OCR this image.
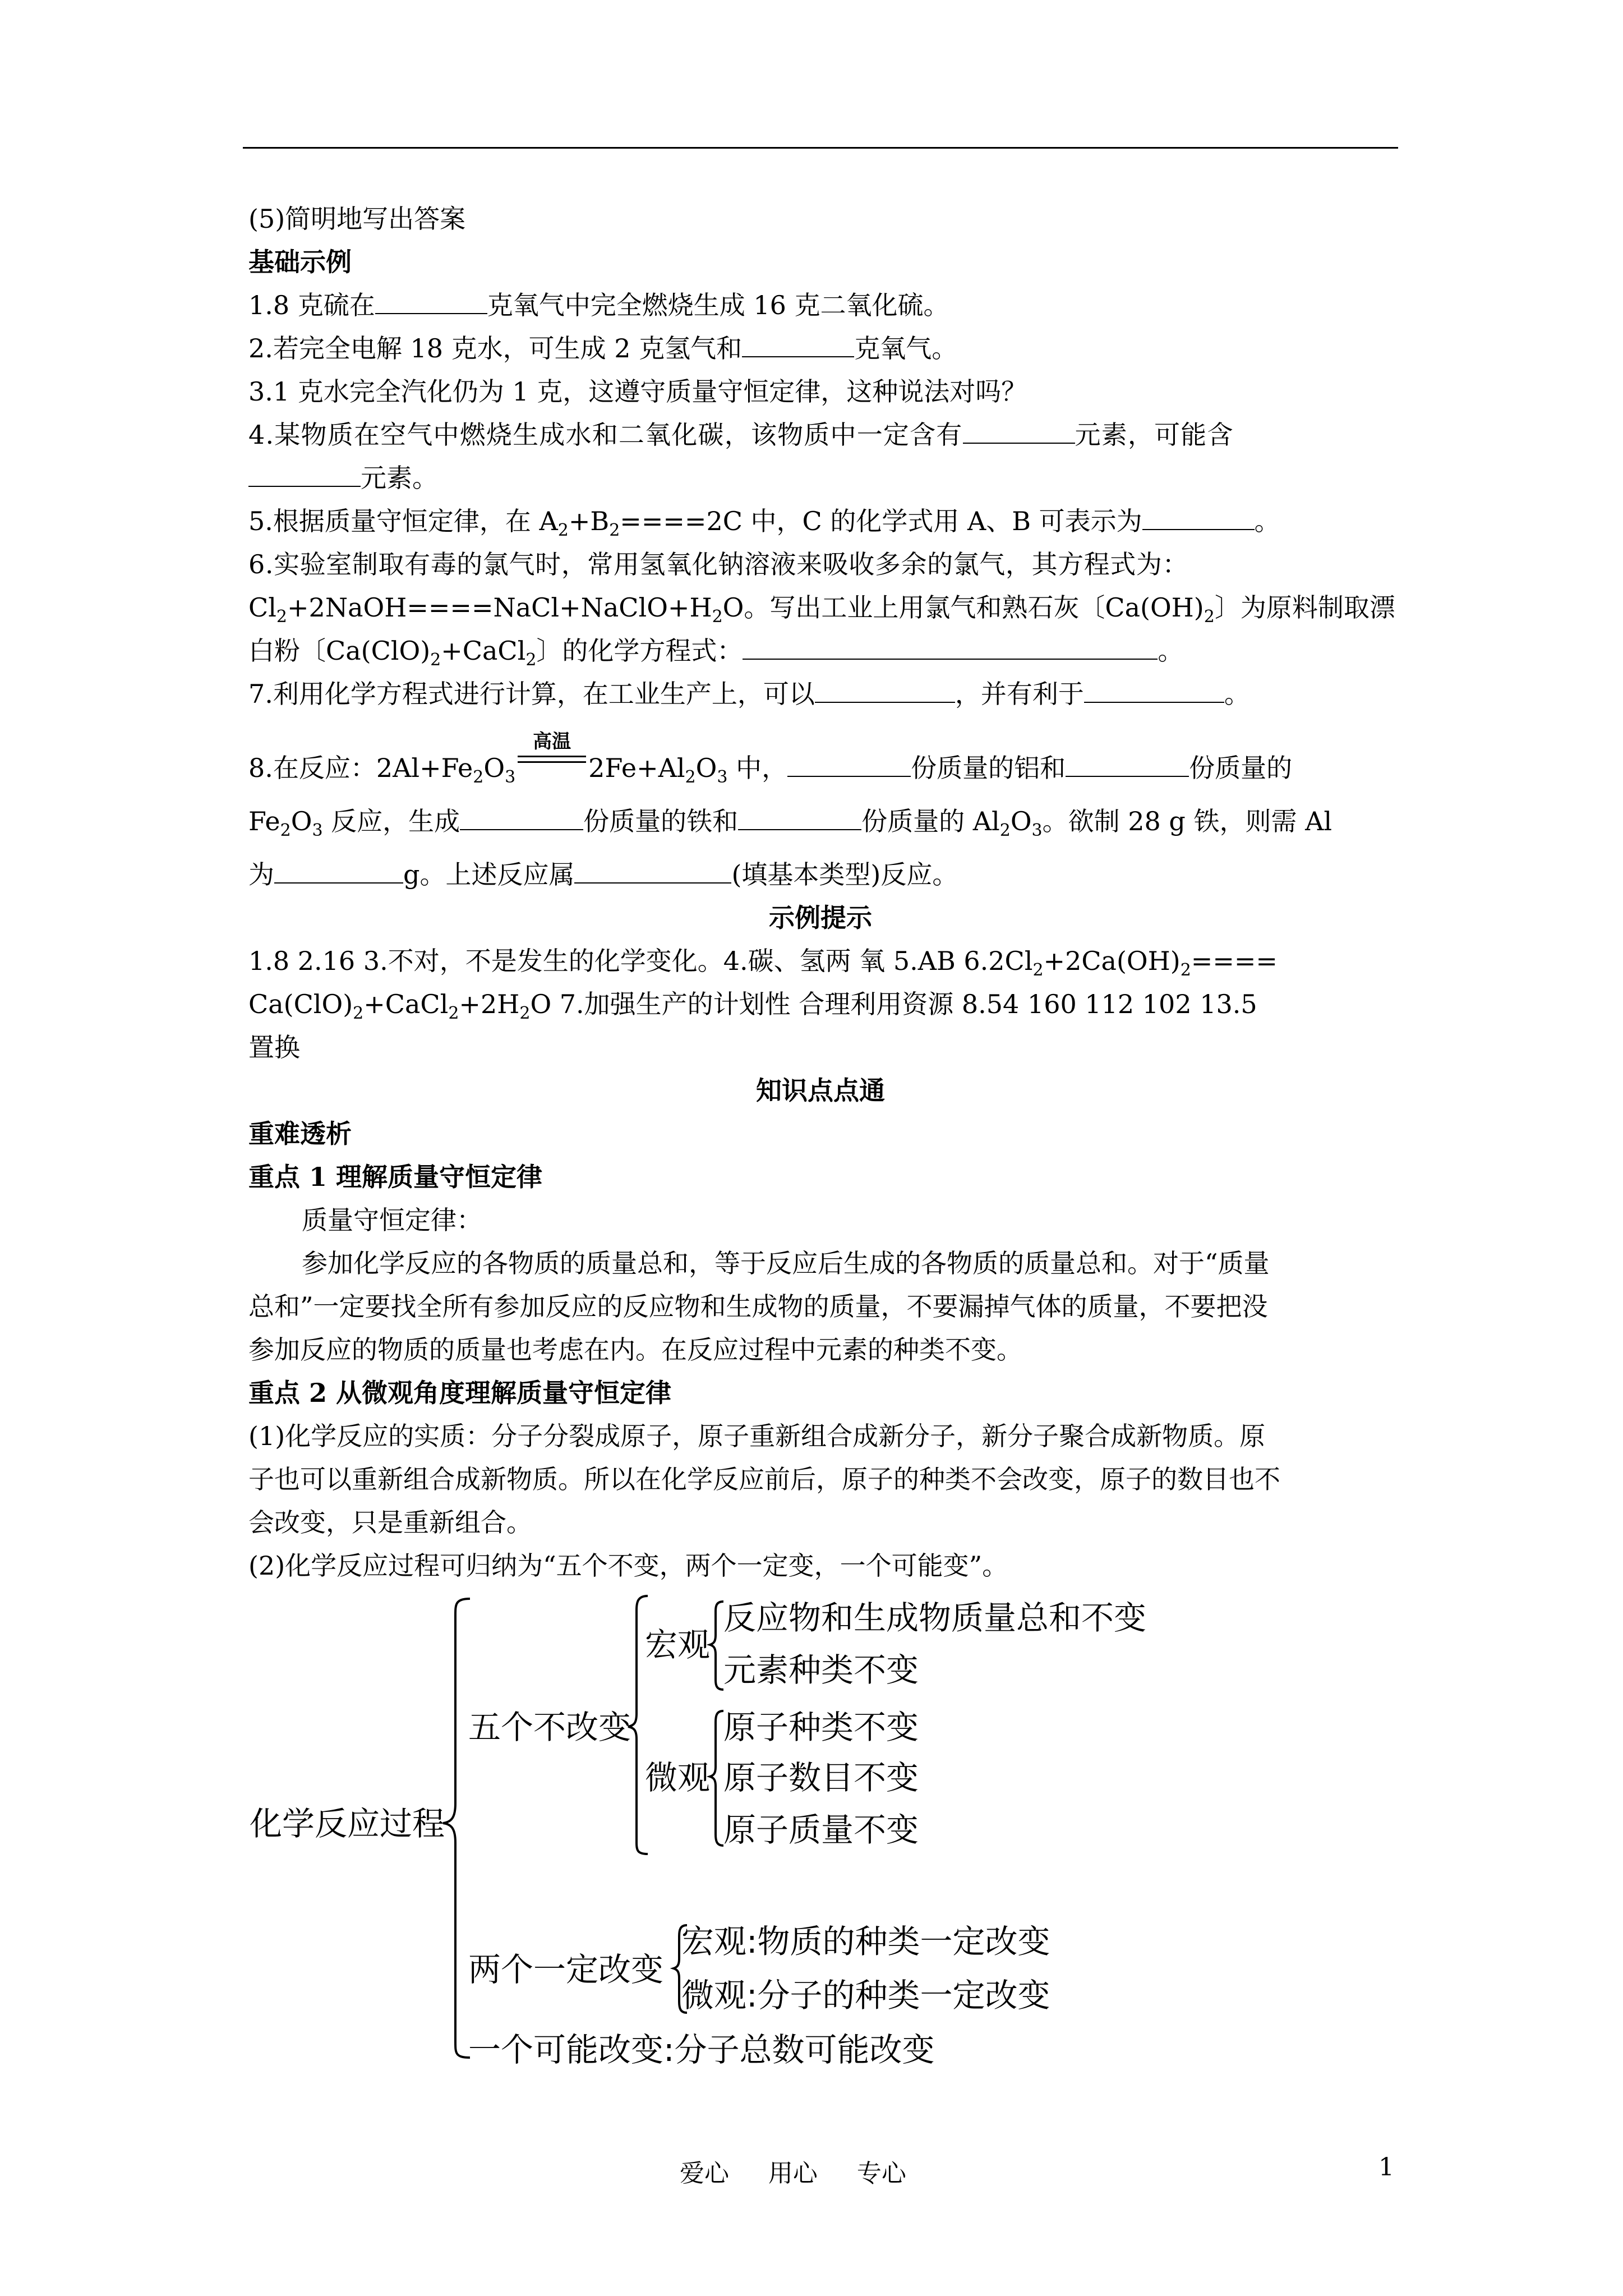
(5)简明地写出答案
基础示例
1.8 克硫在	克氧气中完全燃烧生成 16 克二氧化硫。
2.若完全电解 18 克水，可生成 2 克氢气和	克氧气。
3.1 克水完全汽化仍为 1 克，这遵守质量守恒定律，这种说法对吗？
4.某物质在空气中燃烧生成水和二氧化碳，该物质中一定含有	元素，可能含
元素。
5.根据质量守恒定律，在 $A_2+B_2====2C$ 中，C 的化学式用 A、B 可表示为	。
6.实验室制取有毒的氯气时，常用氢氧化钠溶液来吸收多余的氯气，其方程式为：
$Cl_2+2NaOH====NaCl+NaClO+H_2O$。写出工业上用氯气和熟石灰〔$Ca(OH)_2$〕为原料制取漂
白粉〔$Ca(ClO)_2+CaCl_2$〕的化学方程式：	。
7.利用化学方程式进行计算，在工业生产上，可以	，并有利于	。
8.在反应：$2Al+Fe_2O_3$
高温
$2Fe+Al_2O_3$ 中，	份质量的铝和	份质量的
$Fe_2O_3$ 反应，生成	份质量的铁和	份质量的 $Al_2O_3$。欲制 28 g 铁，则需 Al
为	g。上述反应属	(填基本类型)反应。
示例提示
1.8 2.16 3.不对，不是发生的化学变化。4.碳、氢两 氧 5.AB $6.2Cl_2+2Ca(OH)_2====$
$Ca(ClO)_2+CaCl_2+2H_2O$ 7.加强生产的计划性 合理利用资源 8.54 160 112 102 13.5
置换
知识点点通
重难透析
重点 1 理解质量守恒定律
质量守恒定律：
参加化学反应的各物质的质量总和，等于反应后生成的各物质的质量总和。对于“质量
总和”一定要找全所有参加反应的反应物和生成物的质量，不要漏掉气体的质量，不要把没
参加反应的物质的质量也考虑在内。在反应过程中元素的种类不变。
重点 2 从微观角度理解质量守恒定律
(1)化学反应的实质：分子分裂成原子，原子重新组合成新分子，新分子聚合成新物质。原
子也可以重新组合成新物质。所以在化学反应前后，原子的种类不会改变，原子的数目也不
会改变，只是重新组合。
(2)化学反应过程可归纳为“五个不变，两个一定变，一个可能变”。
化学反应过程
五个不改变
宏观
反应物和生成物质量总和不变
元素种类不变
微观
原子种类不变
原子数目不变
原子质量不变
两个一定改变
宏观:物质的种类一定改变
微观:分子的种类一定改变
一个可能改变:分子总数可能改变
爱心     用心     专心	1
